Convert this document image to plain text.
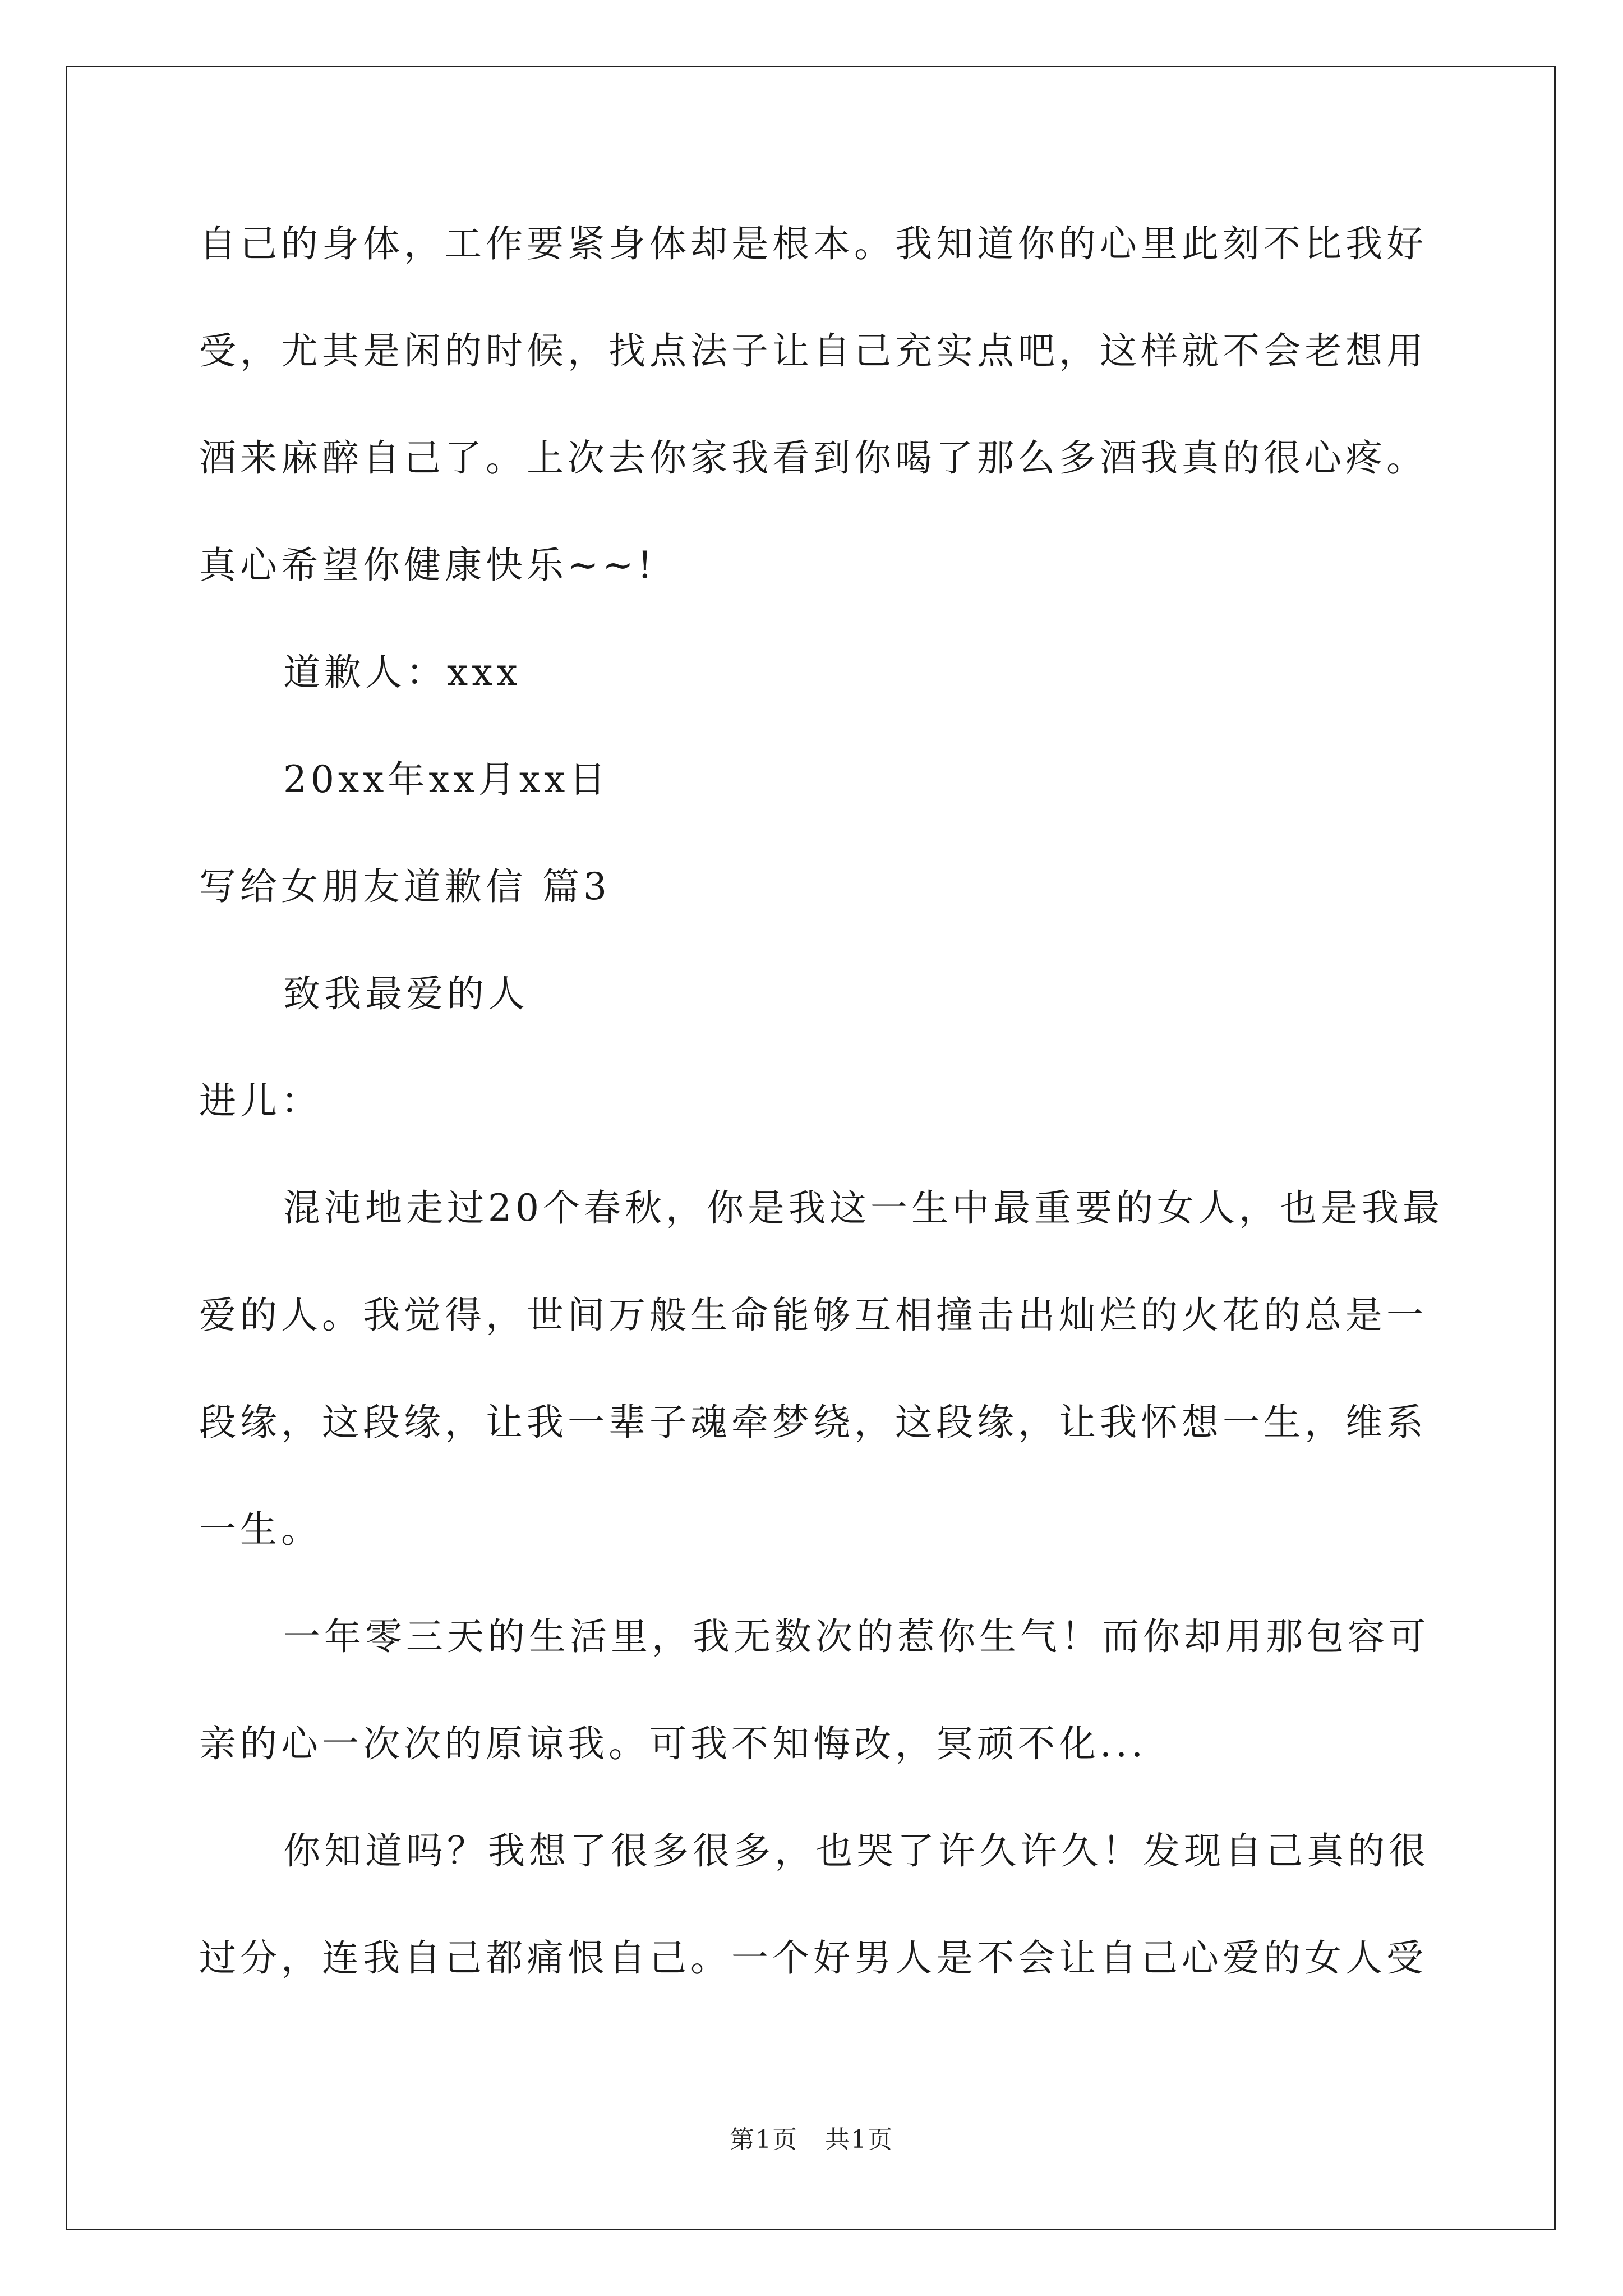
自己的身体，工作要紧身体却是根本。我知道你的心里此刻不比我好
受，尤其是闲的时候，找点法子让自己充实点吧，这样就不会老想用
酒来麻醉自己了。上次去你家我看到你喝了那么多酒我真的很心疼。
真心希望你健康快乐~~!
道歉人：xxx
20xx年xx月xx日
写给女朋友道歉信 篇3
致我最爱的人
进儿：
混沌地走过20个春秋，你是我这一生中最重要的女人，也是我最
爱的人。我觉得，世间万般生命能够互相撞击出灿烂的火花的总是一
段缘，这段缘，让我一辈子魂牵梦绕，这段缘，让我怀想一生，维系
一生。
一年零三天的生活里，我无数次的惹你生气！而你却用那包容可
亲的心一次次的原谅我。可我不知悔改，冥顽不化...
你知道吗？我想了很多很多，也哭了许久许久！发现自己真的很
过分，连我自己都痛恨自己。一个好男人是不会让自己心爱的女人受
第1页 共1页
